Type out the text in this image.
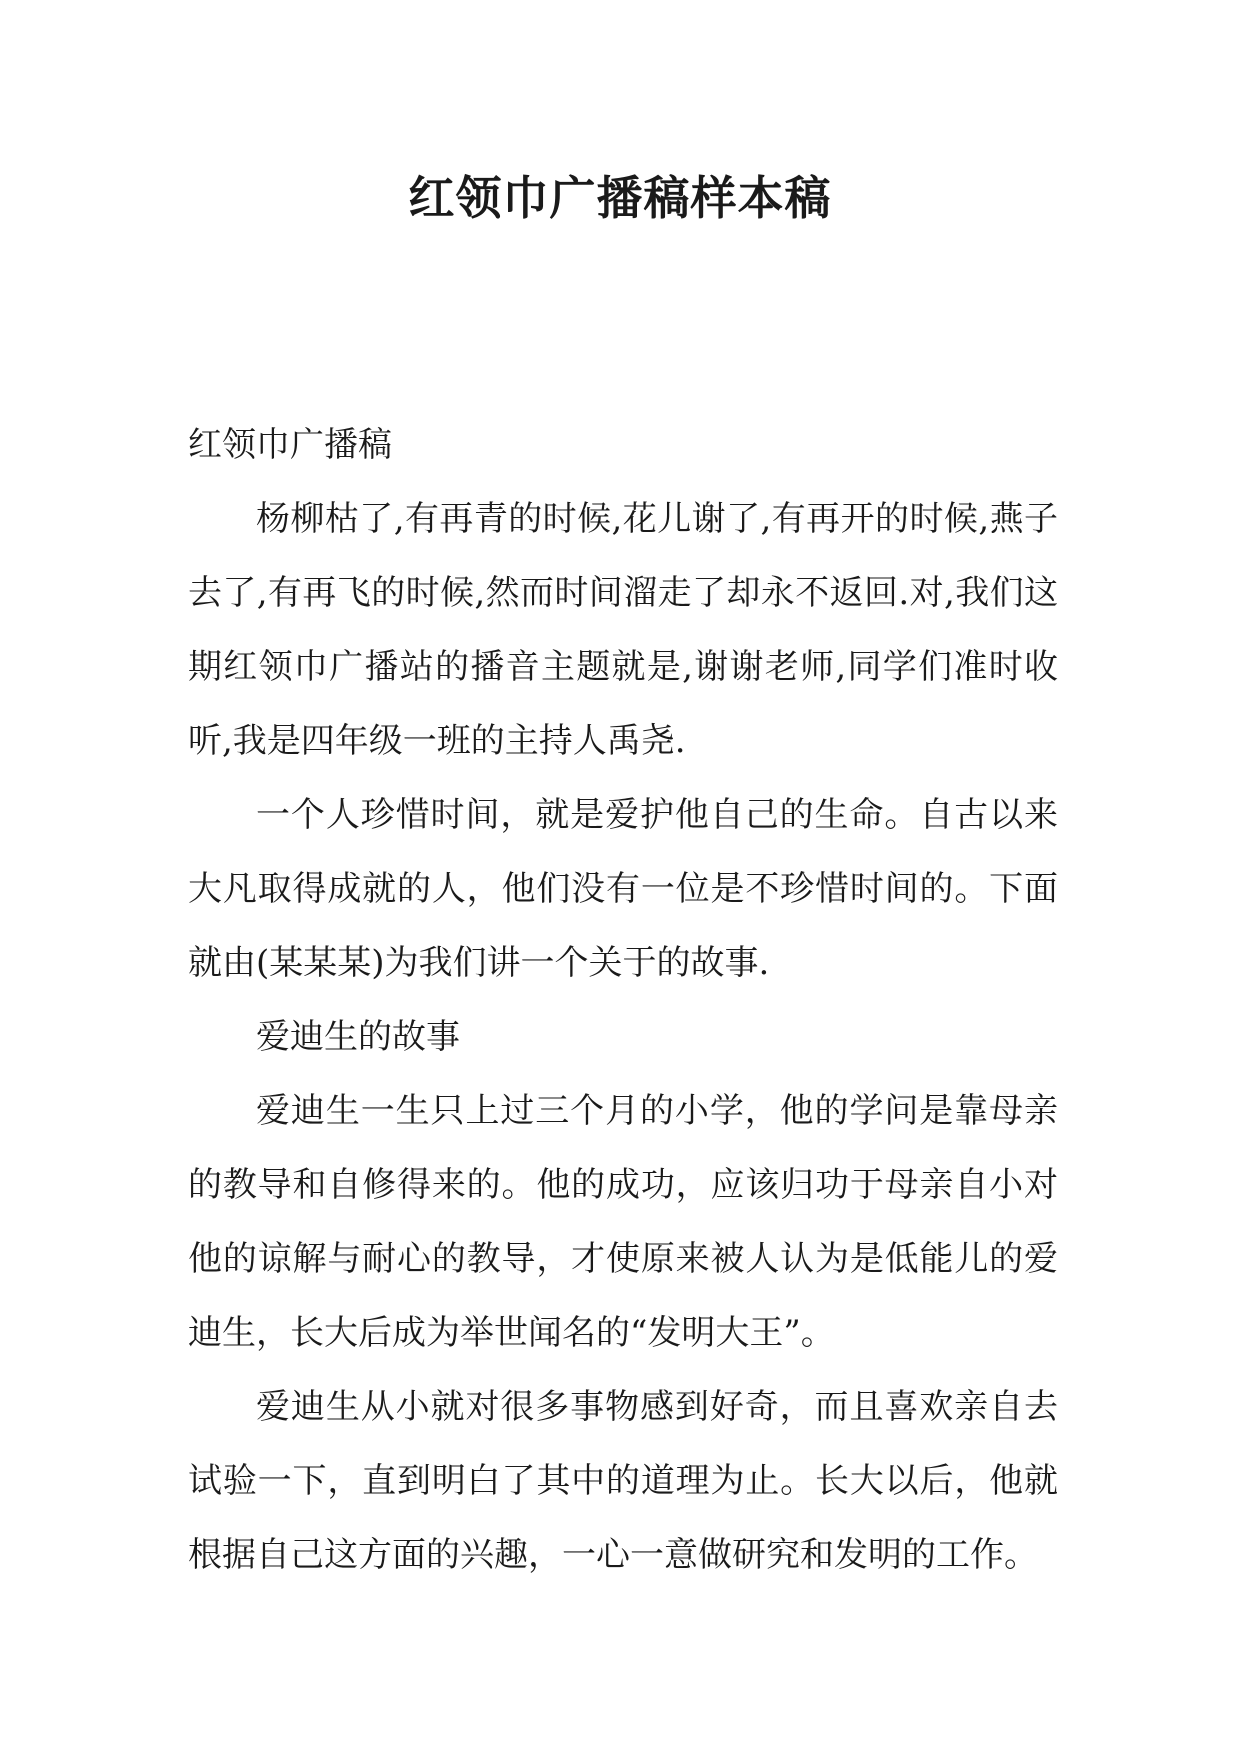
红领巾广播稿样本稿

红领巾广播稿

杨柳枯了,有再青的时候,花儿谢了,有再开的时候,燕子去了,有再飞的时候,然而时间溜走了却永不返回.对,我们这期红领巾广播站的播音主题就是,谢谢老师,同学们准时收听,我是四年级一班的主持人禹尧.

一个人珍惜时间，就是爱护他自己的生命。自古以来大凡取得成就的人，他们没有一位是不珍惜时间的。下面就由(某某某)为我们讲一个关于的故事.

爱迪生的故事

爱迪生一生只上过三个月的小学，他的学问是靠母亲的教导和自修得来的。他的成功，应该归功于母亲自小对他的谅解与耐心的教导，才使原来被人认为是低能儿的爱迪生，长大后成为举世闻名的“发明大王”。

爱迪生从小就对很多事物感到好奇，而且喜欢亲自去试验一下，直到明白了其中的道理为止。长大以后，他就根据自己这方面的兴趣，一心一意做研究和发明的工作。
